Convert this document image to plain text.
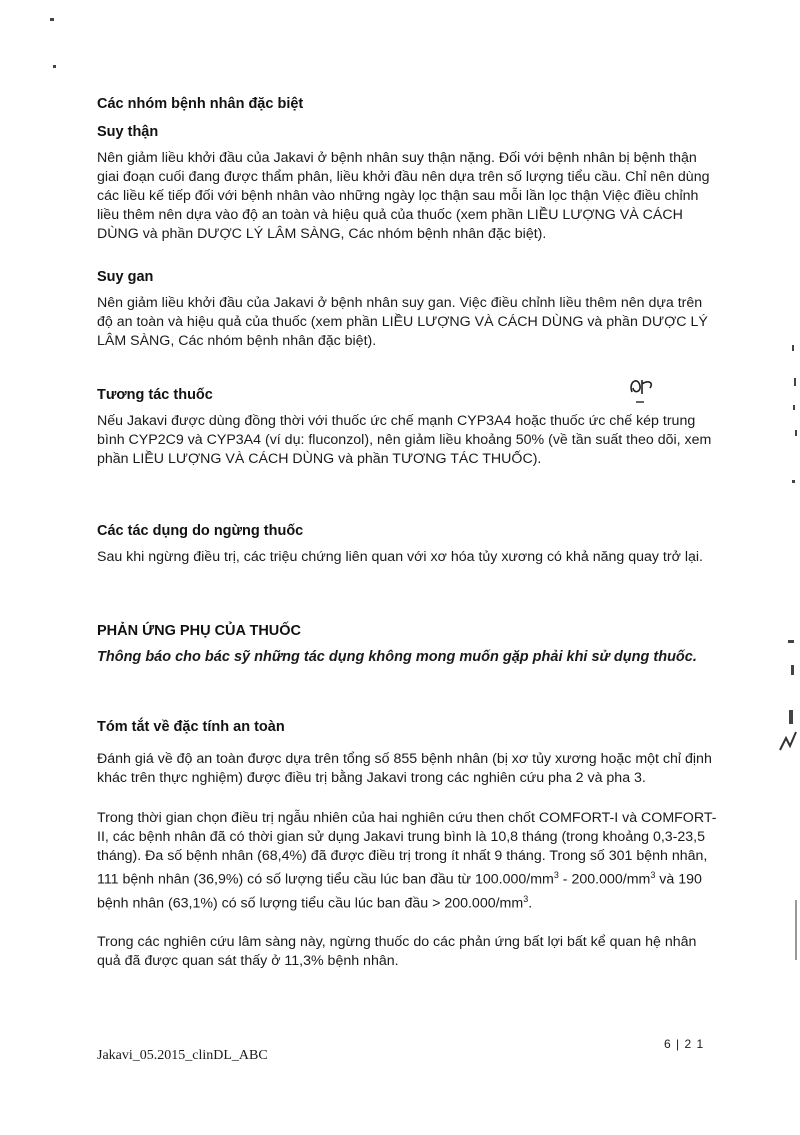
Các nhóm bệnh nhân đặc biệt
Suy thận

Nên giảm liều khởi đầu của Jakavi ở bệnh nhân suy thận nặng. Đối với bệnh nhân bị bệnh thận giai đoạn cuối đang được thẩm phân, liều khởi đầu nên dựa trên số lượng tiểu cầu. Chỉ nên dùng các liều kế tiếp đối với bệnh nhân vào những ngày lọc thận sau mỗi lần lọc thận Việc điều chỉnh liều thêm nên dựa vào độ an toàn và hiệu quả của thuốc (xem phần LIỀU LƯỢNG VÀ CÁCH DÙNG và phần DƯỢC LÝ LÂM SÀNG, Các nhóm bệnh nhân đặc biệt).

Suy gan

Nên giảm liều khởi đầu của Jakavi ở bệnh nhân suy gan. Việc điều chỉnh liều thêm nên dựa trên độ an toàn và hiệu quả của thuốc (xem phần LIỀU LƯỢNG VÀ CÁCH DÙNG và phần DƯỢC LÝ LÂM SÀNG, Các nhóm bệnh nhân đặc biệt).

Tương tác thuốc

Nếu Jakavi được dùng đồng thời với thuốc ức chế mạnh CYP3A4 hoặc thuốc ức chế kép trung bình CYP2C9 và CYP3A4 (ví dụ: fluconzol), nên giảm liều khoảng 50% (về tần suất theo dõi, xem phần LIỀU LƯỢNG VÀ CÁCH DÙNG và phần TƯƠNG TÁC THUỐC).

Các tác dụng do ngừng thuốc

Sau khi ngừng điều trị, các triệu chứng liên quan với xơ hóa tủy xương có khả năng quay trở lại.

PHẢN ỨNG PHỤ CỦA THUỐC

Thông báo cho bác sỹ những tác dụng không mong muốn gặp phải khi sử dụng thuốc.

Tóm tắt về đặc tính an toàn

Đánh giá về độ an toàn được dựa trên tổng số 855 bệnh nhân (bị xơ tủy xương hoặc một chỉ định khác trên thực nghiệm) được điều trị bằng Jakavi trong các nghiên cứu pha 2 và pha 3.

Trong thời gian chọn điều trị ngẫu nhiên của hai nghiên cứu then chốt COMFORT-I và COMFORT-II, các bệnh nhân đã có thời gian sử dụng Jakavi trung bình là 10,8 tháng (trong khoảng 0,3-23,5 tháng). Đa số bệnh nhân (68,4%) đã được điều trị trong ít nhất 9 tháng. Trong số 301 bệnh nhân, 111 bệnh nhân (36,9%) có số lượng tiểu cầu lúc ban đầu từ $100.000/mm^3 - 200.000/mm^3$ và 190 bệnh nhân (63,1%) có số lượng tiểu cầu lúc ban đầu > $200.000/mm^3$.

Trong các nghiên cứu lâm sàng này, ngừng thuốc do các phản ứng bất lợi bất kể quan hệ nhân quả đã được quan sát thấy ở 11,3% bệnh nhân.

6 | 2 1
Jakavi_05.2015_clinDL_ABC
